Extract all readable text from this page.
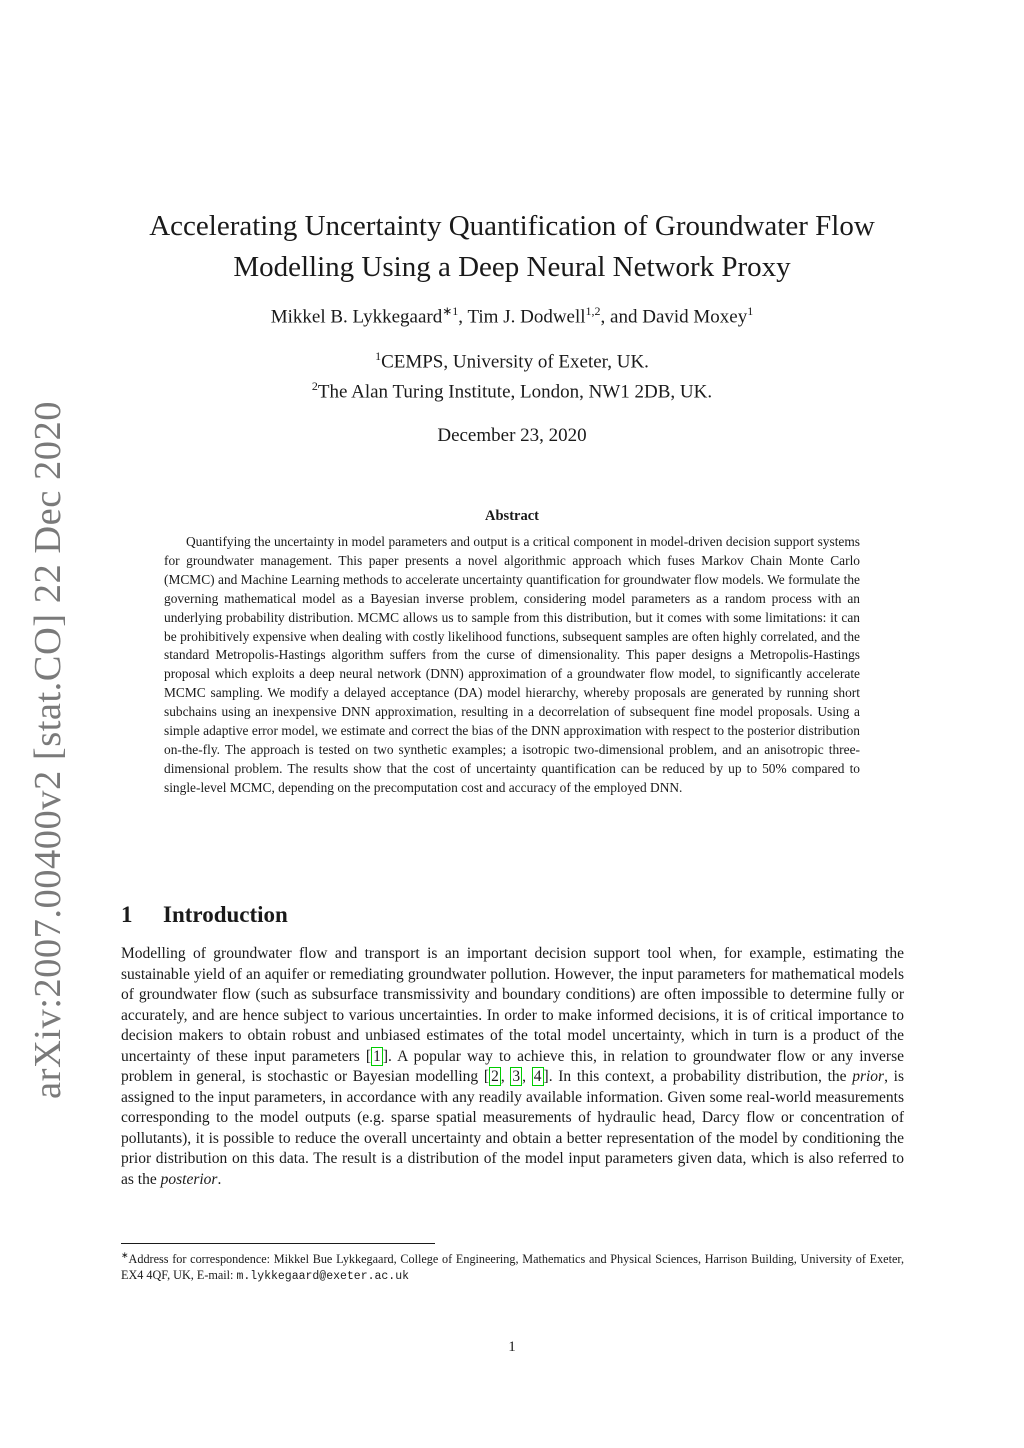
arXiv:2007.00400v2 [stat.CO] 22 Dec 2020
Accelerating Uncertainty Quantification of Groundwater Flow
Modelling Using a Deep Neural Network Proxy
Mikkel B. Lykkegaard$^{∗1}$, Tim J. Dodwell$^{1,2}$, and David Moxey$^1$
$^1$CEMPS, University of Exeter, UK.
$^2$The Alan Turing Institute, London, NW1 2DB, UK.
December 23, 2020
Abstract
Quantifying the uncertainty in model parameters and output is a critical component in model-driven decision support systems for groundwater management. This paper presents a novel algorithmic approach which fuses Markov Chain Monte Carlo (MCMC) and Machine Learning methods to accelerate uncertainty quantification for groundwater flow models. We formulate the governing mathematical model as a Bayesian inverse problem, considering model parameters as a random process with an underlying probability distribution. MCMC allows us to sample from this distribution, but it comes with some limitations: it can be prohibitively expensive when dealing with costly likelihood functions, subsequent samples are often highly correlated, and the standard Metropolis-Hastings algorithm suffers from the curse of dimensionality. This paper designs a Metropolis-Hastings proposal which exploits a deep neural network (DNN) approximation of a groundwater flow model, to significantly accelerate MCMC sampling. We modify a delayed acceptance (DA) model hierarchy, whereby proposals are generated by running short subchains using an inexpensive DNN approximation, resulting in a decorrelation of subsequent fine model proposals. Using a simple adaptive error model, we estimate and correct the bias of the DNN approximation with respect to the posterior distribution on-the-fly. The approach is tested on two synthetic examples; a isotropic two-dimensional problem, and an anisotropic three-dimensional problem. The results show that the cost of uncertainty quantification can be reduced by up to 50% compared to single-level MCMC, depending on the precomputation cost and accuracy of the employed DNN.
1 Introduction
Modelling of groundwater flow and transport is an important decision support tool when, for example, estimating the sustainable yield of an aquifer or remediating groundwater pollution. However, the input parameters for mathematical models of groundwater flow (such as subsurface transmissivity and boundary conditions) are often impossible to determine fully or accurately, and are hence subject to various uncertainties. In order to make informed decisions, it is of critical importance to decision makers to obtain robust and unbiased estimates of the total model uncertainty, which in turn is a product of the uncertainty of these input parameters [ 1 ]. A popular way to achieve this, in relation to groundwater flow or any inverse problem in general, is stochastic or Bayesian modelling [ 2 , 3 , 4 ]. In this context, a probability distribution, the prior, is assigned to the input parameters, in accordance with any readily available information. Given some real-world measurements corresponding to the model outputs (e.g. sparse spatial measurements of hydraulic head, Darcy flow or concentration of pollutants), it is possible to reduce the overall uncertainty and obtain a better representation of the model by conditioning the prior distribution on this data. The result is a distribution of the model input parameters given data, which is also referred to as the posterior.
∗Address for correspondence: Mikkel Bue Lykkegaard, College of Engineering, Mathematics and Physical Sciences, Harrison Building, University of Exeter, EX4 4QF, UK, E-mail: m.lykkegaard@exeter.ac.uk
1
